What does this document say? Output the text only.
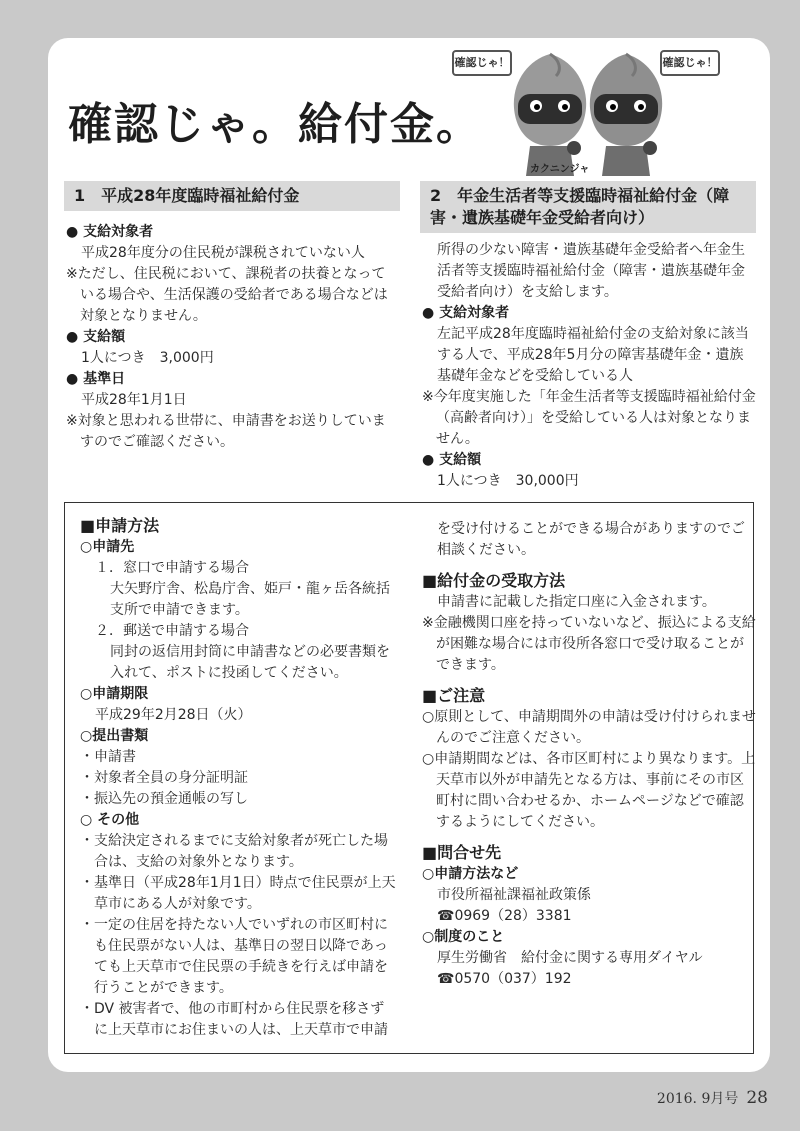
確認じゃ。給付金。
確認じゃ！	確認じゃ！
カクニンジャ
1　平成28年度臨時福祉給付金

● 支給対象者

平成28年度分の住民税が課税されていない人

※ただし、住民税において、課税者の扶養となっている場合や、生活保護の受給者である場合などは対象となりません。

● 支給額

1人につき　3,000円

● 基準日

平成28年1月1日

※対象と思われる世帯に、申請書をお送りしていますのでご確認ください。

2　年金生活者等支援臨時福祉給付金（障害・遺族基礎年金受給者向け）

所得の少ない障害・遺族基礎年金受給者へ年金生活者等支援臨時福祉給付金（障害・遺族基礎年金受給者向け）を支給します。

● 支給対象者

左記平成28年度臨時福祉給付金の支給対象に該当する人で、平成28年5月分の障害基礎年金・遺族基礎年金などを受給している人

※今年度実施した「年金生活者等支援臨時福祉給付金（高齢者向け）」を受給している人は対象となりません。

● 支給額

1人につき　30,000円

■申請方法

○申請先

１．窓口で申請する場合

大矢野庁舎、松島庁舎、姫戸・龍ヶ岳各統括支所で申請できます。

２．郵送で申請する場合

同封の返信用封筒に申請書などの必要書類を入れて、ポストに投函してください。

○申請期限

平成29年2月28日（火）

○提出書類

・申請書

・対象者全員の身分証明証

・振込先の預金通帳の写し

○ その他

・支給決定されるまでに支給対象者が死亡した場合は、支給の対象外となります。

・基準日（平成28年1月1日）時点で住民票が上天草市にある人が対象です。

・一定の住居を持たない人でいずれの市区町村にも住民票がない人は、基準日の翌日以降であっても上天草市で住民票の手続きを行えば申請を行うことができます。

・DV 被害者で、他の市町村から住民票を移さずに上天草市にお住まいの人は、上天草市で申請

を受け付けることができる場合がありますのでご相談ください。

■給付金の受取方法

申請書に記載した指定口座に入金されます。

※金融機関口座を持っていないなど、振込による支給が困難な場合には市役所各窓口で受け取ることができます。

■ご注意

○原則として、申請期間外の申請は受け付けられませんのでご注意ください。

○申請期間などは、各市区町村により異なります。上天草市以外が申請先となる方は、事前にその市区町村に問い合わせるか、ホームページなどで確認するようにしてください。

■問合せ先

○申請方法など

市役所福祉課福祉政策係

☎0969（28）3381

○制度のこと

厚生労働省　給付金に関する専用ダイヤル

☎0570（037）192

2016. 9月号 28
